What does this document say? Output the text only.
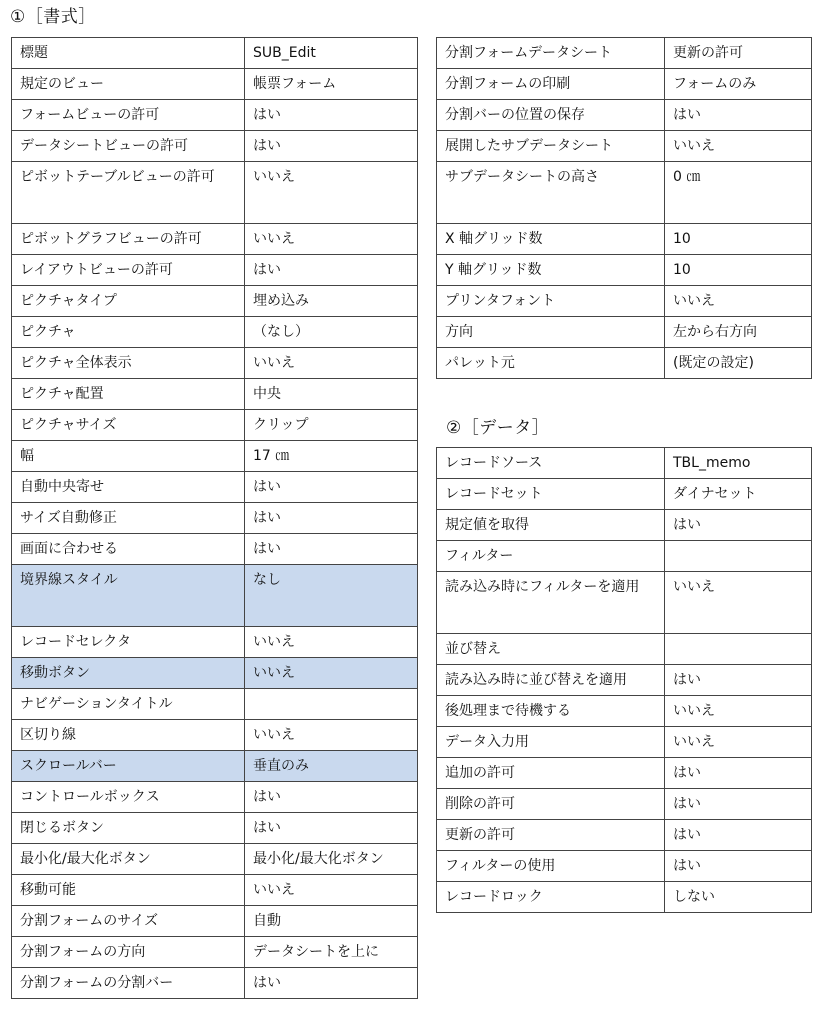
①［書式］
標題	SUB_Edit
規定のビュー	帳票フォーム
フォームビューの許可	はい
データシートビューの許可	はい
ピボットテーブルビューの許可	いいえ
ピボットグラフビューの許可	いいえ
レイアウトビューの許可	はい
ピクチャタイプ	埋め込み
ピクチャ	（なし）
ピクチャ全体表示	いいえ
ピクチャ配置	中央
ピクチャサイズ	クリップ
幅	17 ㎝
自動中央寄せ	はい
サイズ自動修正	はい
画面に合わせる	はい
境界線スタイル	なし
レコードセレクタ	いいえ
移動ボタン	いいえ
ナビゲーションタイトル	
区切り線	いいえ
スクロールバー	垂直のみ
コントロールボックス	はい
閉じるボタン	はい
最小化/最大化ボタン	最小化/最大化ボタン
移動可能	いいえ
分割フォームのサイズ	自動
分割フォームの方向	データシートを上に
分割フォームの分割バー	はい
分割フォームデータシート	更新の許可
分割フォームの印刷	フォームのみ
分割バーの位置の保存	はい
展開したサブデータシート	いいえ
サブデータシートの高さ	0 ㎝
X 軸グリッド数	10
Y 軸グリッド数	10
プリンタフォント	いいえ
方向	左から右方向
パレット元	(既定の設定)
②［データ］
レコードソース	TBL_memo
レコードセット	ダイナセット
規定値を取得	はい
フィルター	
読み込み時にフィルターを適用	いいえ
並び替え	
読み込み時に並び替えを適用	はい
後処理まで待機する	いいえ
データ入力用	いいえ
追加の許可	はい
削除の許可	はい
更新の許可	はい
フィルターの使用	はい
レコードロック	しない
